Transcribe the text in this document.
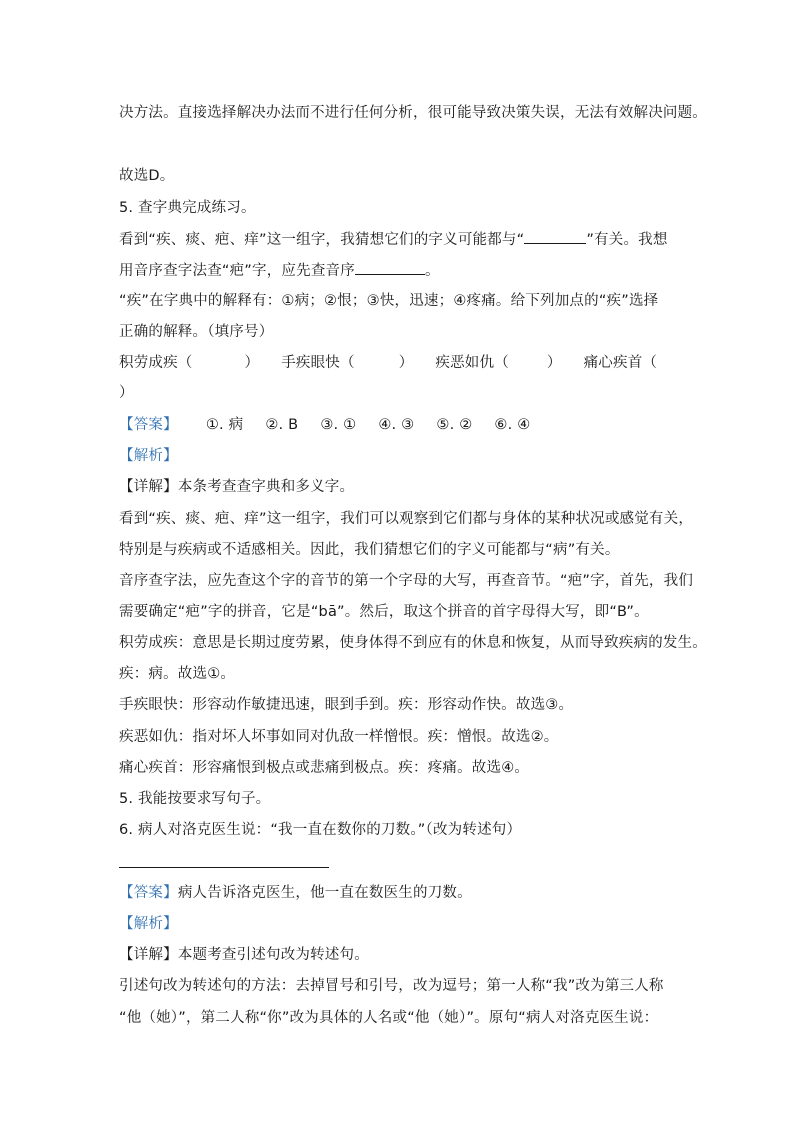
决方法。直接选择解决办法而不进行任何分析，很可能导致决策失误，无法有效解决问题。
故选D。
5. 查字典完成练习。
看到“疾、痰、疤、痒”这一组字，我猜想它们的字义可能都与“	”有关。我想
用音序查字法查“疤”字，应先查音序	。
“疾”在字典中的解释有：①病；②恨；③快，迅速；④疼痛。给下列加点的“疾”选择
正确的解释。（填序号）
积劳成疾（	） 手疾眼快（	） 疾恶如仇（	） 痛心疾首（
）
【答案】 ①. 病 ②. B ③. ① ④. ③ ⑤. ② ⑥. ④
【解析】
【详解】本条考查查字典和多义字。
看到“疾、痰、疤、痒”这一组字，我们可以观察到它们都与身体的某种状况或感觉有关，
特别是与疾病或不适感相关。因此，我们猜想它们的字义可能都与“病”有关。
音序查字法，应先查这个字的音节的第一个字母的大写，再查音节。“疤”字，首先，我们
需要确定“疤”字的拼音，它是“bā”。然后，取这个拼音的首字母得大写，即“B”。
积劳成疾：意思是长期过度劳累，使身体得不到应有的休息和恢复，从而导致疾病的发生。
疾：病。故选①。
手疾眼快：形容动作敏捷迅速，眼到手到。疾：形容动作快。故选③。
疾恶如仇：指对坏人坏事如同对仇敌一样憎恨。疾：憎恨。故选②。
痛心疾首：形容痛恨到极点或悲痛到极点。疾：疼痛。故选④。
5. 我能按要求写句子。
6. 病人对洛克医生说：“我一直在数你的刀数。”（改为转述句）
【答案】病人告诉洛克医生，他一直在数医生的刀数。
【解析】
【详解】本题考查引述句改为转述句。
引述句改为转述句的方法：去掉冒号和引号，改为逗号；第一人称“我”改为第三人称
“他（她）”，第二人称“你”改为具体的人名或“他（她）”。原句“病人对洛克医生说：
